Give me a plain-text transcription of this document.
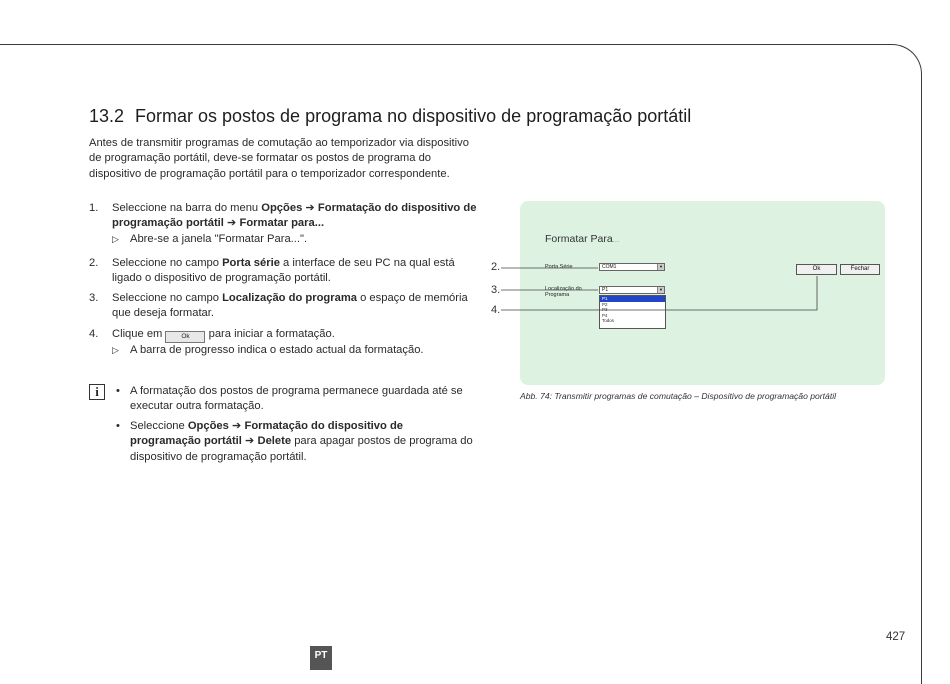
13.2 Formar os postos de programa no dispositivo de programação portátil
Antes de transmitir programas de comutação ao temporizador via dispositivo de programação portátil, deve-se formatar os postos de programa do dispositivo de programação portátil para o temporizador correspondente.
1. Seleccione na barra do menu Opções ➔ Formatação do dispositivo de programação portátil ➔ Formatar para...
▷ Abre-se a janela "Formatar Para...".
2. Seleccione no campo Porta série a interface de seu PC na qual está ligado o dispositivo de programação portátil.
3. Seleccione no campo Localização do programa o espaço de memória que deseja formatar.
4. Clique em Ok para iniciar a formatação.
▷ A barra de progresso indica o estado actual da formatação.
i	• A formatação dos postos de programa permanece guardada até se executar outra formatação.
• Seleccione Opções ➔ Formatação do dispositivo de programação portátil ➔ Delete para apagar postos de programa do dispositivo de programação portátil.
Formatar Para...
Porta Série	COM1	▼
Localização do
Programa
P1	▼
P1
P2
P3
P4
Todos
Ok	Fechar
2.
3.
4.
Abb. 74: Transmitir programas de comutação – Dispositivo de programação portátil
427
PT
